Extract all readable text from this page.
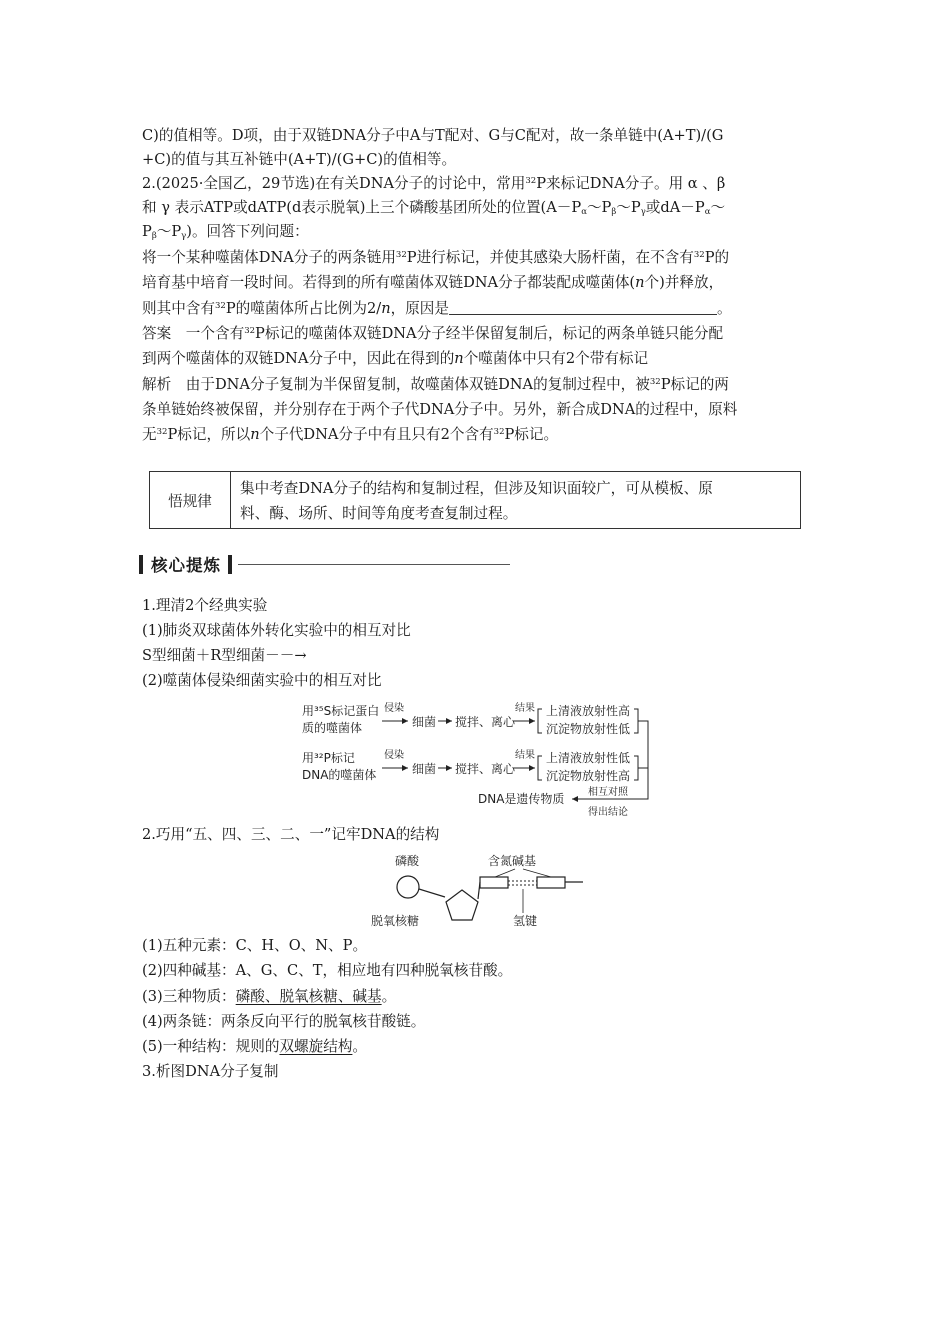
C)的值相等。D项，由于双链DNA分子中A与T配对、G与C配对，故一条单链中(A+T)/(G
+C)的值与其互补链中(A+T)/(G+C)的值相等。
2.(2025·全国乙，29节选)在有关DNA分子的讨论中，常用$^{32}$P来标记DNA分子。用 α 、β
和 γ 表示ATP或dATP(d表示脱氧)上三个磷酸基团所处的位置($A-P_\alpha\sim P_\beta\sim P_\gamma$或$dA-P_\alpha\sim$
$P_\beta\sim P_\gamma$)。回答下列问题：
将一个某种噬菌体DNA分子的两条链用$^{32}$P进行标记，并使其感染大肠杆菌，在不含有$^{32}$P的
培育基中培育一段时间。若得到的所有噬菌体双链DNA分子都装配成噬菌体(n个)并释放，
则其中含有$^{32}$P的噬菌体所占比例为2/n，原因是	。
答案  一个含有$^{32}$P标记的噬菌体双链DNA分子经半保留复制后，标记的两条单链只能分配
到两个噬菌体的双链DNA分子中，因此在得到的n个噬菌体中只有2个带有标记
解析  由于DNA分子复制为半保留复制，故噬菌体双链DNA的复制过程中，被$^{32}$P标记的两
条单链始终被保留，并分别存在于两个子代DNA分子中。另外，新合成DNA的过程中，原料
无$^{32}$P标记，所以n个子代DNA分子中有且只有2个含有$^{32}$P标记。
悟规律
集中考查DNA分子的结构和复制过程，但涉及知识面较广，可从模板、原
料、酶、场所、时间等角度考查复制过程。
核心提炼
1.理清2个经典实验
(1)肺炎双球菌体外转化实验中的相互对比
S型细菌＋R型细菌－－→
(2)噬菌体侵染细菌实验中的相互对比
用³⁵S标记蛋白
质的噬菌体
侵染
细菌 搅拌、离心
结果 上清液放射性高
沉淀物放射性低
用³²P标记
DNA的噬菌体
侵染
细菌 搅拌、离心
结果 上清液放射性低
沉淀物放射性高
DNA是遗传物质 相互对照
得出结论
2.巧用“五、四、三、二、一”记牢DNA的结构
磷酸	含氮碱基
脱氧核糖	氢键
(1)五种元素：C、H、O、N、P。
(2)四种碱基：A、G、C、T，相应地有四种脱氧核苷酸。
(3)三种物质：磷酸、脱氧核糖、碱基。
(4)两条链：两条反向平行的脱氧核苷酸链。
(5)一种结构：规则的双螺旋结构。
3.析图DNA分子复制
